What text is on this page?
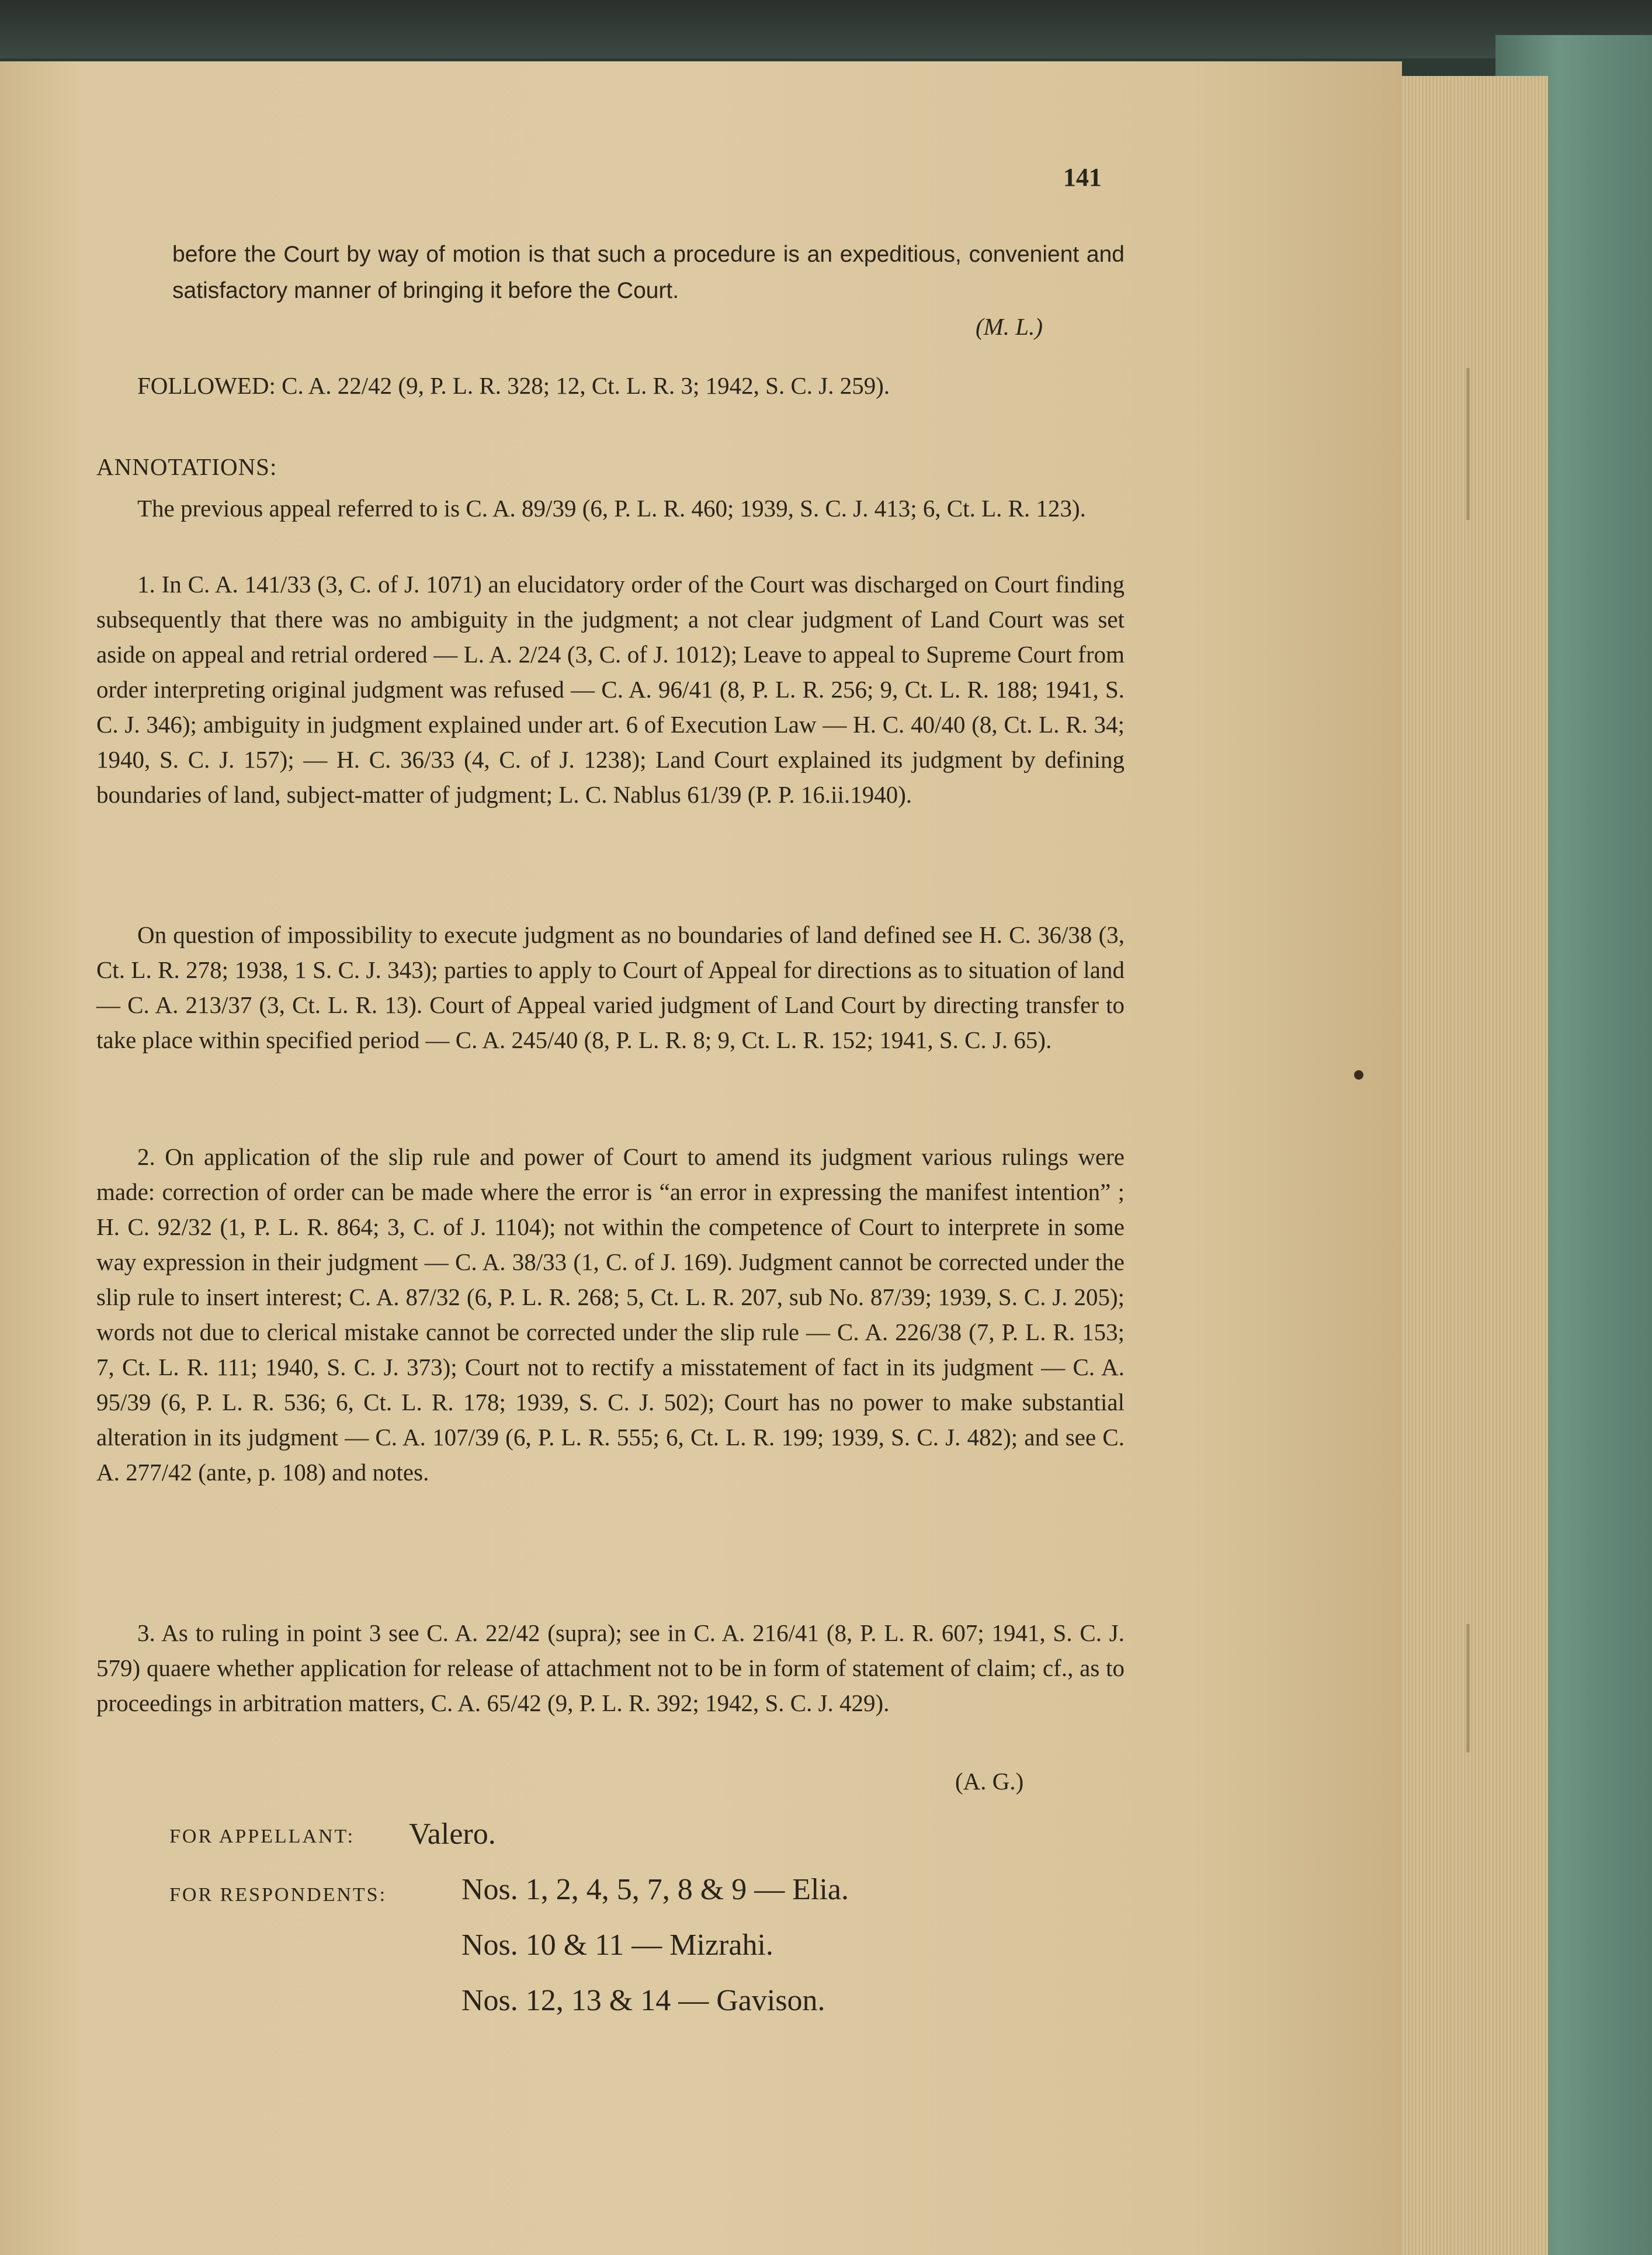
141
before the Court by way of motion is that such a procedure is an expeditious, convenient and satisfactory manner of bringing it before the Court.
(M. L.)
FOLLOWED: C. A. 22/42 (9, P. L. R. 328; 12, Ct. L. R. 3; 1942, S. C. J. 259).
ANNOTATIONS:
The previous appeal referred to is C. A. 89/39 (6, P. L. R. 460; 1939, S. C. J. 413; 6, Ct. L. R. 123).
1. In C. A. 141/33 (3, C. of J. 1071) an elucidatory order of the Court was discharged on Court finding subsequently that there was no ambiguity in the judgment; a not clear judgment of Land Court was set aside on appeal and retrial ordered — L. A. 2/24 (3, C. of J. 1012); Leave to appeal to Supreme Court from order interpreting original judgment was refused — C. A. 96/41 (8, P. L. R. 256; 9, Ct. L. R. 188; 1941, S. C. J. 346); ambiguity in judgment explained under art. 6 of Execution Law — H. C. 40/40 (8, Ct. L. R. 34; 1940, S. C. J. 157); — H. C. 36/33 (4, C. of J. 1238); Land Court explained its judgment by defining boundaries of land, subject-matter of judgment; L. C. Nablus 61/39 (P. P. 16.ii.1940).
On question of impossibility to execute judgment as no boundaries of land defined see H. C. 36/38 (3, Ct. L. R. 278; 1938, 1 S. C. J. 343); parties to apply to Court of Appeal for directions as to situation of land — C. A. 213/37 (3, Ct. L. R. 13). Court of Appeal varied judgment of Land Court by directing transfer to take place within specified period — C. A. 245/40 (8, P. L. R. 8; 9, Ct. L. R. 152; 1941, S. C. J. 65).
2. On application of the slip rule and power of Court to amend its judgment various rulings were made: correction of order can be made where the error is “an error in expressing the manifest intention” ; H. C. 92/32 (1, P. L. R. 864; 3, C. of J. 1104); not within the competence of Court to interprete in some way expression in their judgment — C. A. 38/33 (1, C. of J. 169). Judgment cannot be corrected under the slip rule to insert interest; C. A. 87/32 (6, P. L. R. 268; 5, Ct. L. R. 207, sub No. 87/39; 1939, S. C. J. 205); words not due to clerical mistake cannot be corrected under the slip rule — C. A. 226/38 (7, P. L. R. 153; 7, Ct. L. R. 111; 1940, S. C. J. 373); Court not to rectify a misstatement of fact in its judgment — C. A. 95/39 (6, P. L. R. 536; 6, Ct. L. R. 178; 1939, S. C. J. 502); Court has no power to make substantial alteration in its judgment — C. A. 107/39 (6, P. L. R. 555; 6, Ct. L. R. 199; 1939, S. C. J. 482); and see C. A. 277/42 (ante, p. 108) and notes.
3. As to ruling in point 3 see C. A. 22/42 (supra); see in C. A. 216/41 (8, P. L. R. 607; 1941, S. C. J. 579) quaere whether application for release of attachment not to be in form of statement of claim; cf., as to proceedings in arbitration matters, C. A. 65/42 (9, P. L. R. 392; 1942, S. C. J. 429).
(A. G.)
FOR APPELLANT: Valero.
FOR RESPONDENTS: Nos. 1, 2, 4, 5, 7, 8 & 9 — Elia.
Nos. 10 & 11 — Mizrahi.
Nos. 12, 13 & 14 — Gavison.
